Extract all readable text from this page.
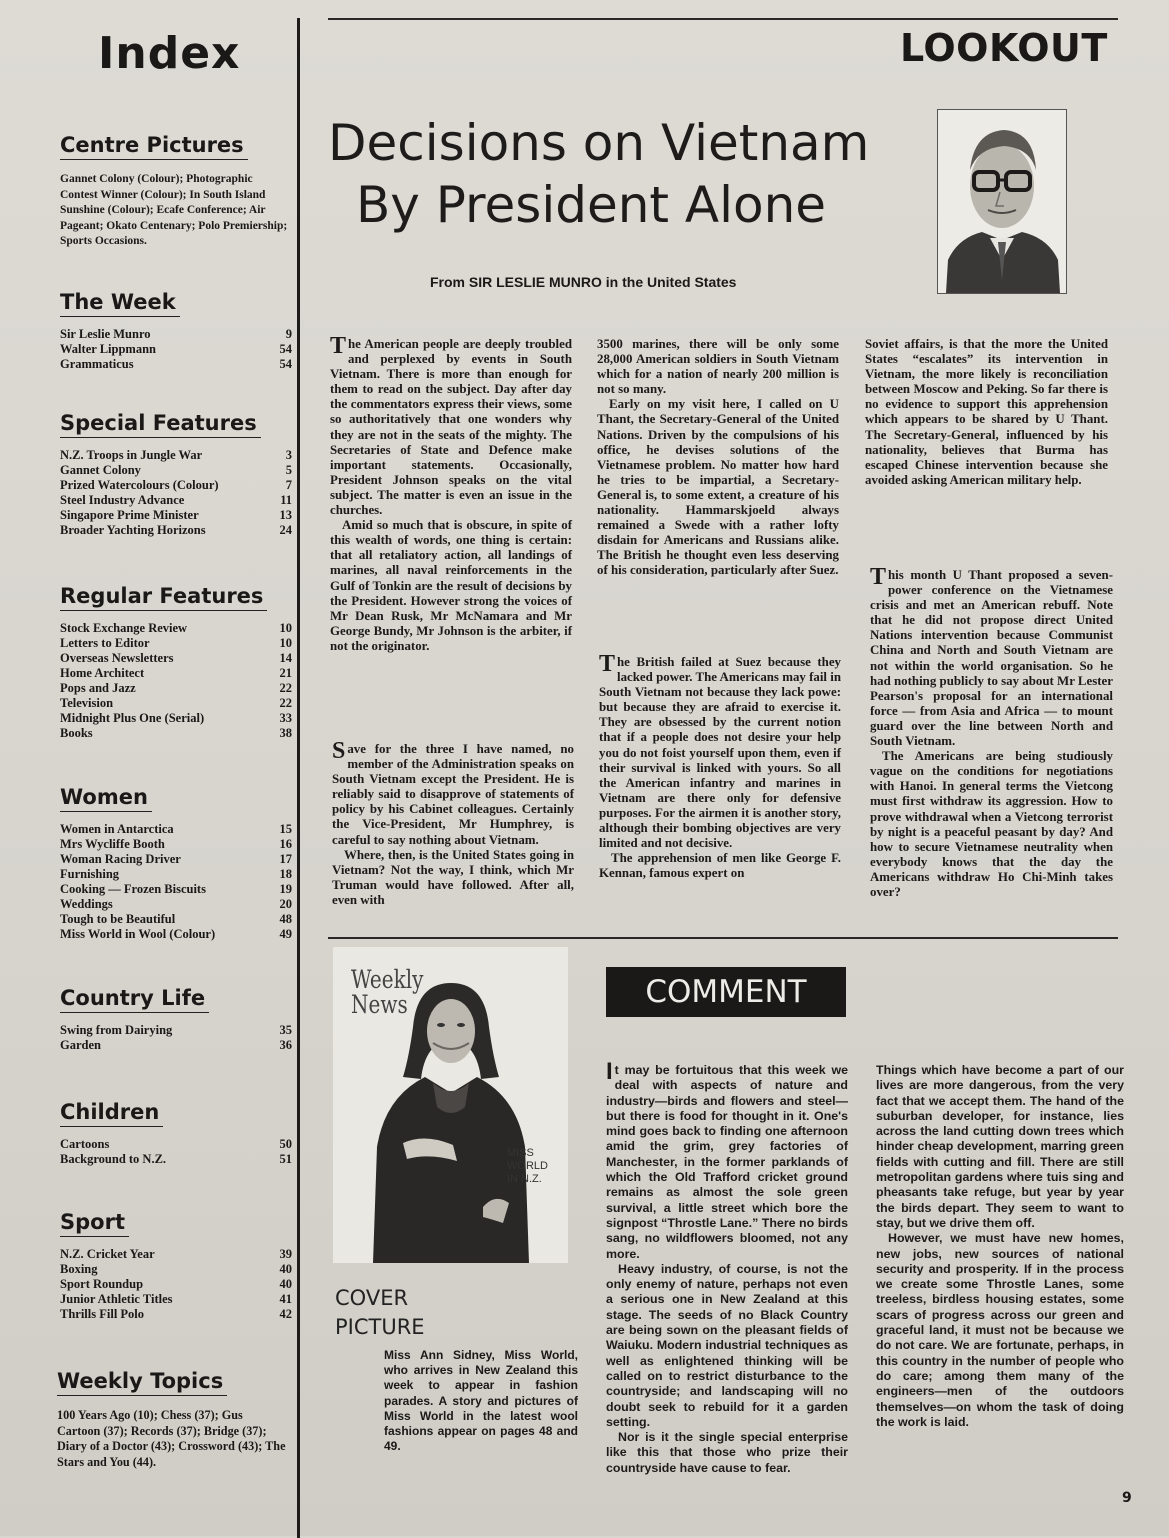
Index
Centre Pictures
Gannet Colony (Colour); Photographic Contest Winner (Colour); In South Island Sunshine (Colour); Ecafe Conference; Air Pageant; Okato Centenary; Polo Premiership; Sports Occasions.
The Week
Sir Leslie Munro	9
Walter Lippmann	54
Grammaticus	54
Special Features
N.Z. Troops in Jungle War	3
Gannet Colony	5
Prized Watercolours (Colour)	7
Steel Industry Advance	11
Singapore Prime Minister	13
Broader Yachting Horizons	24
Regular Features
Stock Exchange Review	10
Letters to Editor	10
Overseas Newsletters	14
Home Architect	21
Pops and Jazz	22
Television	22
Midnight Plus One (Serial)	33
Books	38
Women
Women in Antarctica	15
Mrs Wycliffe Booth	16
Woman Racing Driver	17
Furnishing	18
Cooking — Frozen Biscuits	19
Weddings	20
Tough to be Beautiful	48
Miss World in Wool (Colour)	49
Country Life
Swing from Dairying	35
Garden	36
Children
Cartoons	50
Background to N.Z.	51
Sport
N.Z. Cricket Year	39
Boxing	40
Sport Roundup	40
Junior Athletic Titles	41
Thrills Fill Polo	42
Weekly Topics
100 Years Ago (10); Chess (37); Gus Cartoon (37); Records (37); Bridge (37); Diary of a Doctor (43); Crossword (43); The Stars and You (44).
LOOKOUT
Decisions on Vietnam
By President Alone
From SIR LESLIE MUNRO in the United States

The American people are deeply troubled and perplexed by events in South Vietnam. There is more than enough for them to read on the subject. Day after day the commentators express their views, some so authoritatively that one wonders why they are not in the seats of the mighty. The Secretaries of State and Defence make important statements. Occasionally, President Johnson speaks on the vital subject. The matter is even an issue in the churches.

Amid so much that is obscure, in spite of this wealth of words, one thing is certain: that all retaliatory action, all landings of marines, all naval reinforcements in the Gulf of Tonkin are the result of decisions by the President. However strong the voices of Mr Dean Rusk, Mr McNamara and Mr George Bundy, Mr Johnson is the arbiter, if not the originator.

Save for the three I have named, no member of the Administration speaks on South Vietnam except the President. He is reliably said to disapprove of statements of policy by his Cabinet colleagues. Certainly the Vice-President, Mr Humphrey, is careful to say nothing about Vietnam.

Where, then, is the United States going in Vietnam? Not the way, I think, which Mr Truman would have followed. After all, even with

3500 marines, there will be only some 28,000 American soldiers in South Vietnam which for a nation of nearly 200 million is not so many.

Early on my visit here, I called on U Thant, the Secretary-General of the United Nations. Driven by the compulsions of his office, he devises solutions of the Vietnamese problem. No matter how hard he tries to be impartial, a Secretary-General is, to some extent, a creature of his nationality. Hammarskjoeld always remained a Swede with a rather lofty disdain for Americans and Russians alike. The British he thought even less deserving of his consideration, particularly after Suez.

The British failed at Suez because they lacked power. The Americans may fail in South Vietnam not because they lack powe: but because they are afraid to exercise it. They are obsessed by the current notion that if a people does not desire your help you do not foist yourself upon them, even if their survival is linked with yours. So all the American infantry and marines in Vietnam are there only for defensive purposes. For the airmen it is another story, although their bombing objectives are very limited and not decisive.

The apprehension of men like George F. Kennan, famous expert on

Soviet affairs, is that the more the United States “escalates” its intervention in Vietnam, the more likely is reconciliation between Moscow and Peking. So far there is no evidence to support this apprehension which appears to be shared by U Thant. The Secretary-General, influenced by his nationality, believes that Burma has escaped Chinese intervention because she avoided asking American military help.

This month U Thant proposed a seven-power conference on the Vietnamese crisis and met an American rebuff. Note that he did not propose direct United Nations intervention because Communist China and North and South Vietnam are not within the world organisation. So he had nothing publicly to say about Mr Lester Pearson's proposal for an international force — from Asia and Africa — to mount guard over the line between North and South Vietnam.

The Americans are being studiously vague on the conditions for negotiations with Hanoi. In general terms the Vietcong must first withdraw its aggression. How to prove withdrawal when a Vietcong terrorist by night is a peaceful peasant by day? And how to secure Vietnamese neutrality when everybody knows that the day the Americans withdraw Ho Chi-Minh takes over?

Weekly
News
MISS WORLD IN N.Z.
COVER
PICTURE
Miss Ann Sidney, Miss World, who arrives in New Zealand this week to appear in fashion parades. A story and pictures of Miss World in the latest wool fashions appear on pages 48 and 49.
COMMENT

It may be fortuitous that this week we deal with aspects of nature and industry—birds and flowers and steel—but there is food for thought in it. One's mind goes back to finding one afternoon amid the grim, grey factories of Manchester, in the former parklands of which the Old Trafford cricket ground remains as almost the sole green survival, a little street which bore the signpost “Throstle Lane.” There no birds sang, no wildflowers bloomed, not any more.

Heavy industry, of course, is not the only enemy of nature, perhaps not even a serious one in New Zealand at this stage. The seeds of no Black Country are being sown on the pleasant fields of Waiuku. Modern industrial techniques as well as enlightened thinking will be called on to restrict disturbance to the countryside; and landscaping will no doubt seek to rebuild for it a garden setting.

Nor is it the single special enterprise like this that those who prize their countryside have cause to fear.

Things which have become a part of our lives are more dangerous, from the very fact that we accept them. The hand of the suburban developer, for instance, lies across the land cutting down trees which hinder cheap development, marring green fields with cutting and fill. There are still metropolitan gardens where tuis sing and pheasants take refuge, but year by year the birds depart. They seem to want to stay, but we drive them off.

However, we must have new homes, new jobs, new sources of national security and prosperity. If in the process we create some Throstle Lanes, some treeless, birdless housing estates, some scars of progress across our green and graceful land, it must not be because we do not care. We are fortunate, perhaps, in this country in the number of people who do care; among them many of the engineers—men of the outdoors themselves—on whom the task of doing the work is laid.

9
